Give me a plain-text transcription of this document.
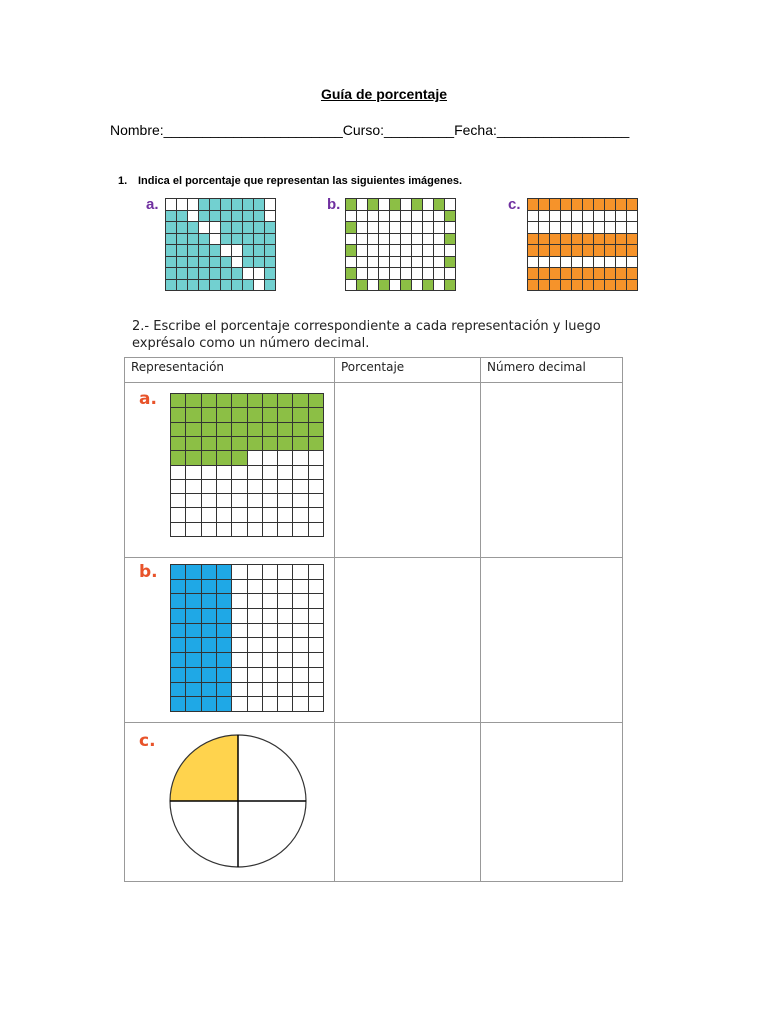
Guía de porcentaje
Nombre:_______________________Curso:_________Fecha:_________________
1. Indica el porcentaje que representan las siguientes imágenes.
a.	b.	c.
2.- Escribe el porcentaje correspondiente a cada representación y luego exprésalo como un número decimal.
Representación	Porcentaje	Número decimal

a.		

b.		

c.		
